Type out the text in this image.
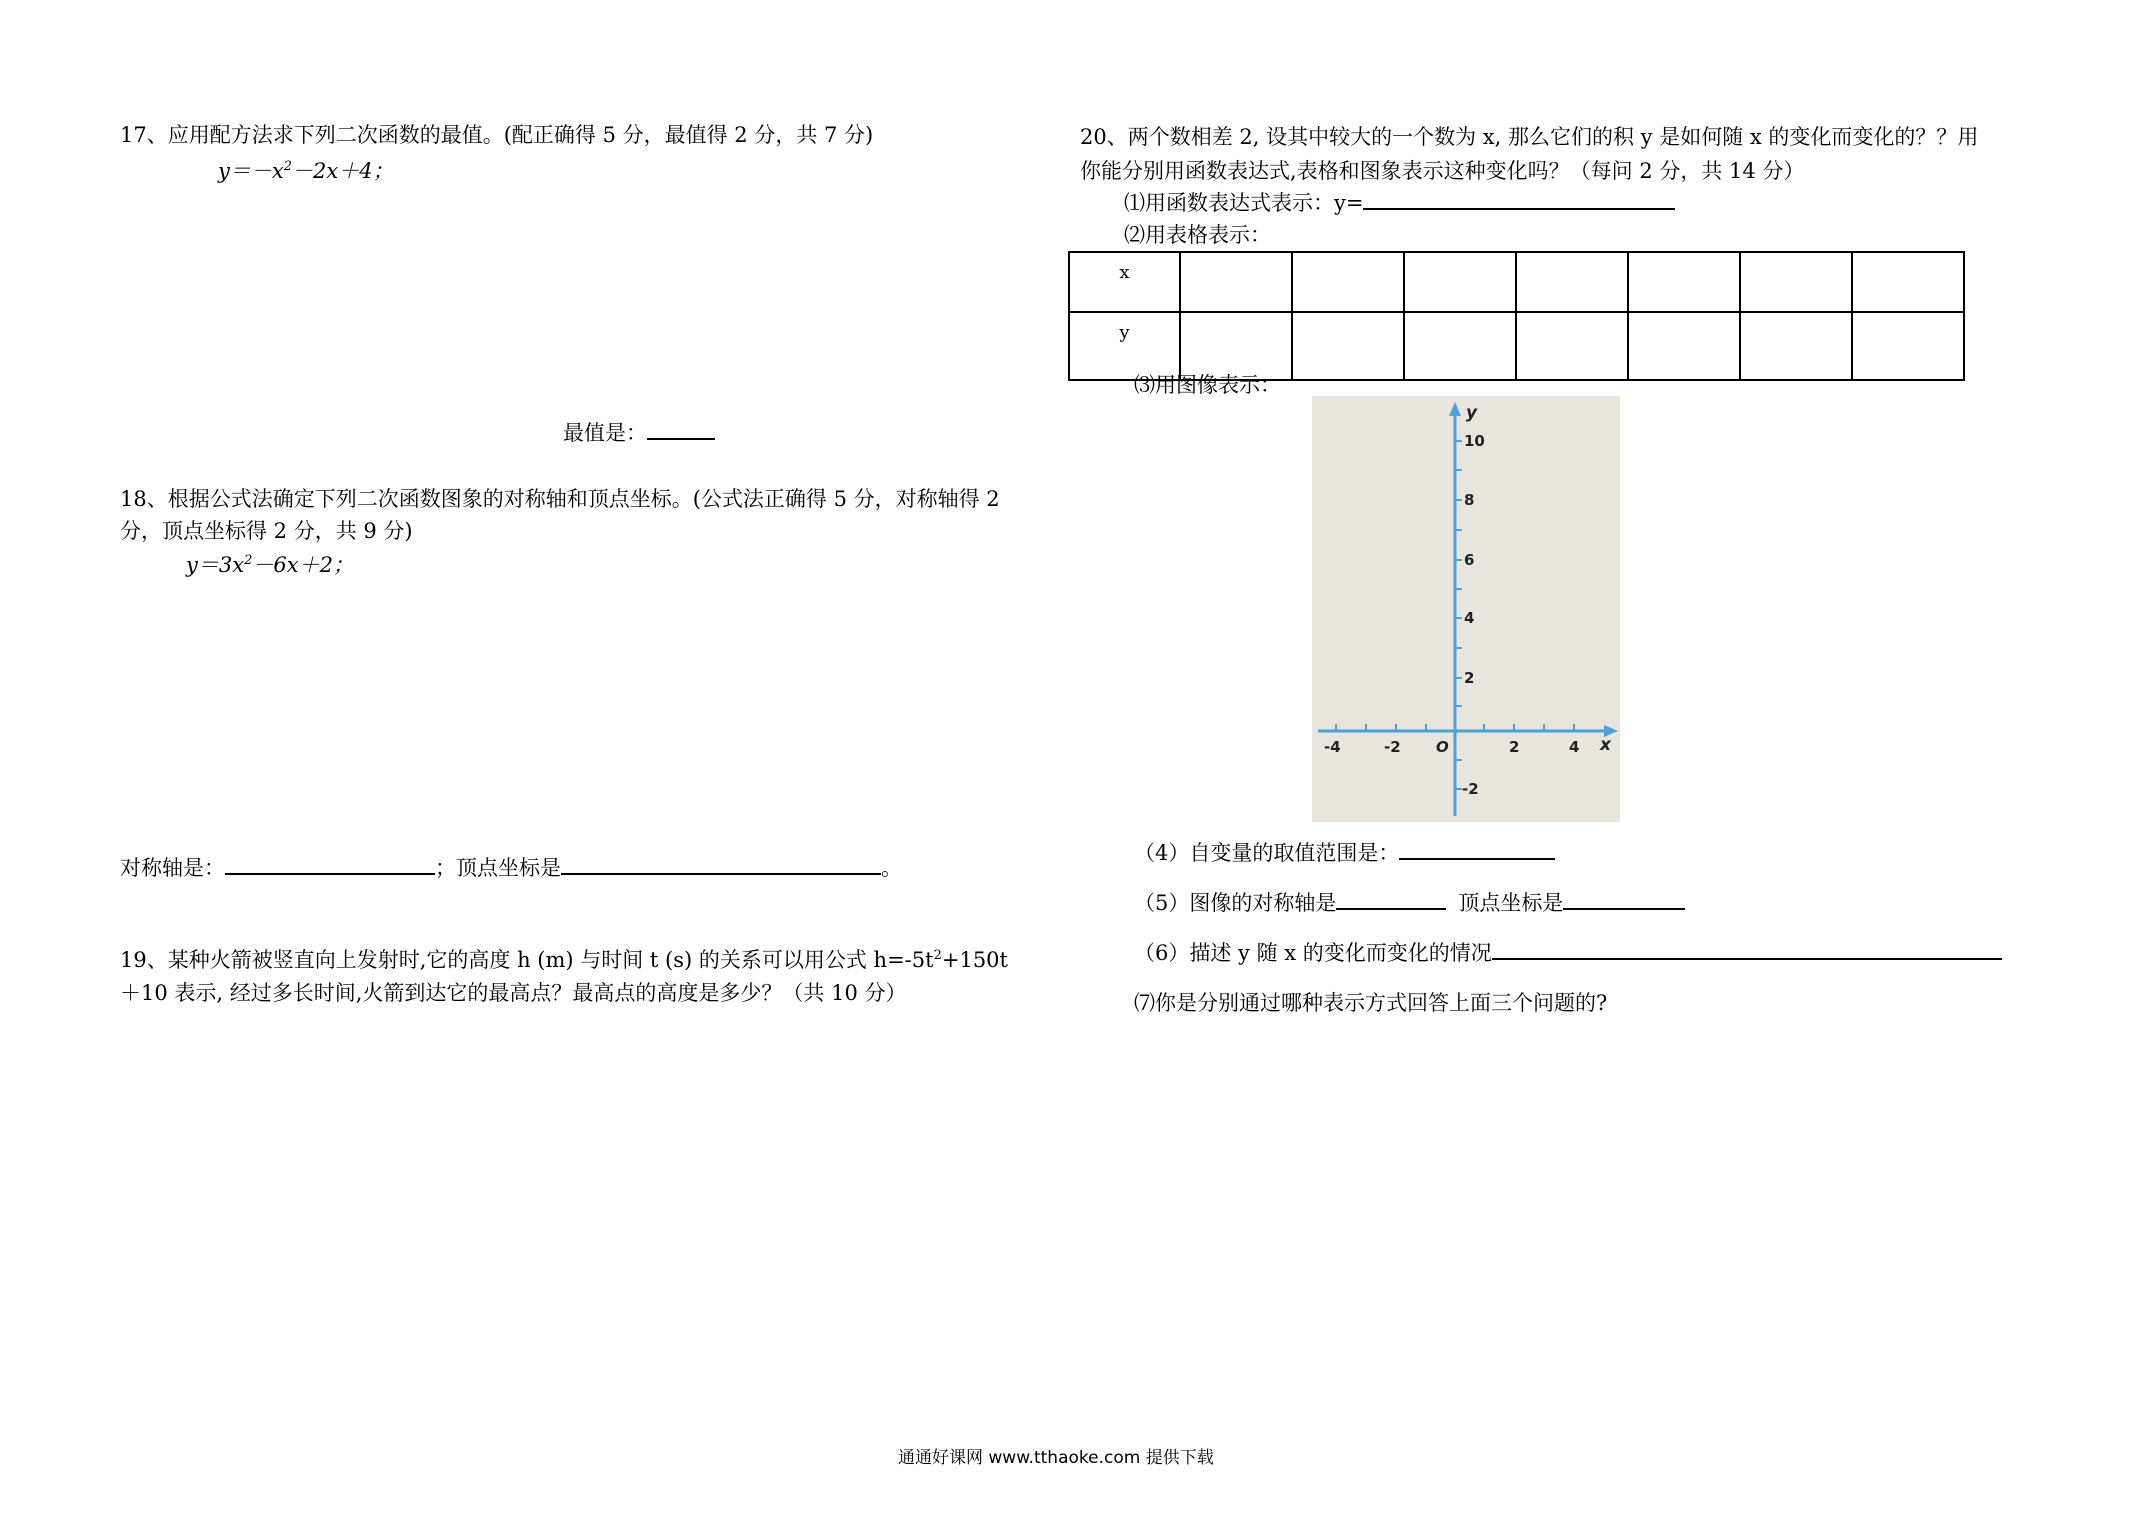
17、应用配方法求下列二次函数的最值。(配正确得 5 分，最值得 2 分，共 7 分)
$y=-x^2-2x+4$；
最值是：
18、根据公式法确定下列二次函数图象的对称轴和顶点坐标。(公式法正确得 5 分，对称轴得 2
分，顶点坐标得 2 分，共 9 分)
$y=3x^2-6x+2$；
对称轴是：	；顶点坐标是	。
19、某种火箭被竖直向上发射时,它的高度 h (m) 与时间 t (s) 的关系可以用公式 $h=-5t^2+150t$
＋10 表示, 经过多长时间,火箭到达它的最高点？最高点的高度是多少？（共 10 分）
20、两个数相差 2, 设其中较大的一个数为 x, 那么它们的积 y 是如何随 x 的变化而变化的？？用
你能分别用函数表达式,表格和图象表示这种变化吗？（每问 2 分，共 14 分）
⑴用函数表达式表示：y=
⑵用表格表示：
x							
y							
⑶用图像表示：
10
8
6
4
2
-2
-4	-2	2	4
O
y
x
（4）自变量的取值范围是：
（5）图像的对称轴是	顶点坐标是
（6）描述 y 随 x 的变化而变化的情况
⑺你是分别通过哪种表示方式回答上面三个问题的?
通通好课网 www.tthaoke.com 提供下载
